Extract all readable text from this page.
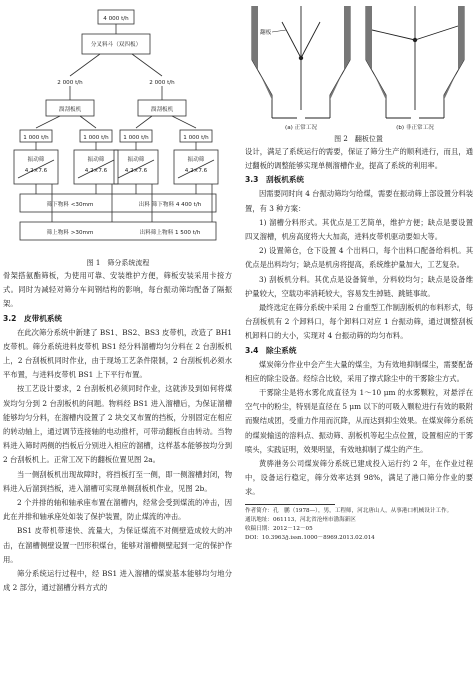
4 000 t/h
分叉料斗（双四板）
2 000 t/h	2 000 t/h
溜刮板机	溜刮板机
1 000 t/h	1 000 t/h	1 000 t/h	1 000 t/h
振动筛
4.2×7.6
振动筛
4.2×7.6
振动筛
4.2×7.6
振动筛
4.2×7.6
筛下物料 <30mm	出料 筛下物料 4 400 t/h
筛上物料 >30mm	出料筛上物料 1 500 t/h

图 1　筛分系统流程

骨架搭氨酯筛板，为使用可靠、安装维护方便，筛板安装采用卡接方式。同时为减轻对筛分车间钢结构的影响，每台振动筛均配备了隔振架。

3.2　皮带机系统

在此次筛分系统中新建了 BS1、BS2、BS3 皮带机，改造了 BH1 皮带机。筛分系统进料皮带机 BS1 经分料溜槽均匀分料在 2 台刮板机上，2 台刮板机同时作业，由于现场工艺条件限制，2 台刮板机必须水平布置，与进料皮带机 BS1 上下平行布置。

按工艺设计要求，2 台刮板机必须同时作业，这就涉及到如何将煤炭均匀分到 2 台刮板机的问题。物料经 BS1 进入溜槽后，为保证溜槽能够均匀分料，在溜槽内设置了 2 块交叉布置的挡板，分别固定在相应的转动轴上，通过调节连接轴的电动推杆，可带动翻板自由转动。当物料进入筛时两侧的挡板后分别进入相应的溜槽，这样基本能够按均分到 2 台刮板机上。正常工况下的翻板位置见图 2a。

当一侧刮板机出现故障时，将挡板打至一侧，即一侧溜槽封闭，物料进入后溜到挡板，进入溜槽可实现单侧刮板机作业，见图 2b。

2 个并排的轴和轴承座布置在溜槽内，经常会受到煤流的冲击，因此在并排和轴承座处如装了保护装置，防止煤流的冲击。

BS1 皮带机带速快、流量大，为保证煤流不对侧壁造成较大的冲击，在溜槽侧壁设置一凹形积煤台，能够对溜槽侧壁起到一定的保护作用。

筛分系统运行过程中，经 BS1 进入溜槽的煤炭基本能够均匀地分成 2 部分，通过溜槽分料方式的

翻板
(a) 正常工况	(b) 非正常工况

图 2　翻板位置

设计，满足了系统运行的需要，保证了筛分生产的顺利进行，而且，通过翻板的调整能够实现单侧溜槽作业，提高了系统的利用率。

3.3　刮板机系统

因需要同时向 4 台振动筛均匀给煤，需要在振动筛上部设置分料装置，有 3 种方案：

1) 溜槽分料形式。其优点是工艺简单，维护方便；缺点是要设置四叉溜槽，机房高度将大大加高，进料皮带机驱动要如大等。

2) 设置筛仓，仓下设置 4 个出料口，每个出料口配备给料机。其优点是出料均匀；缺点是机房将提高，系统维护量加大，工艺复杂。

3) 刮板机分料。其优点是设备简单，分料较均匀；缺点是设备维护量较大，空载功率消耗较大，容易发生掉链、跳链事故。

最终选定在筛分系统中采用 2 台重型工作制刮板机的布料形式，每台刮板机有 2 个卸料口，每个卸料口对应 1 台振动筛，通过调整刮板机卸料口的大小，实现对 4 台振动筛的均匀布料。

3.4　除尘系统

煤炭筛分作业中会产生大量的煤尘，为有效地抑制煤尘，需要配备相应的除尘设备。经综合比较，采用了撑式除尘中的干雾除尘方式。

干雾除尘是将水雾化成直径为 1～10 μm 的水雾颗粒，对悬浮在空气中的粉尘，特别是直径在 5 μm 以下的可吸入颗粒进行有效的吸附而聚结成团，受重力作用而沉降，从而达到抑尘效果。在煤炭筛分系统的煤炭输送的溶料点、振动筛、刮板机等起尘点位置，设置相应的干雾喷头，实践证明，效果明显，有效地抑制了煤尘的产生。

黄骅港务公司煤炭筛分系统已建成投入运行约 2 年，在作业过程中，设备运行稳定，筛分效率达到 98%，满足了港口筛分作业的要求。

作者简介：孔　鹏（1978—），男，工程师，河北唐山人，从事港口机械设计工作。

通讯地址：061113，河北省沧州市渤海新区

收稿日期：2012－12－05

DOI：10.3963/j.issn.1000－8969.2013.02.014
